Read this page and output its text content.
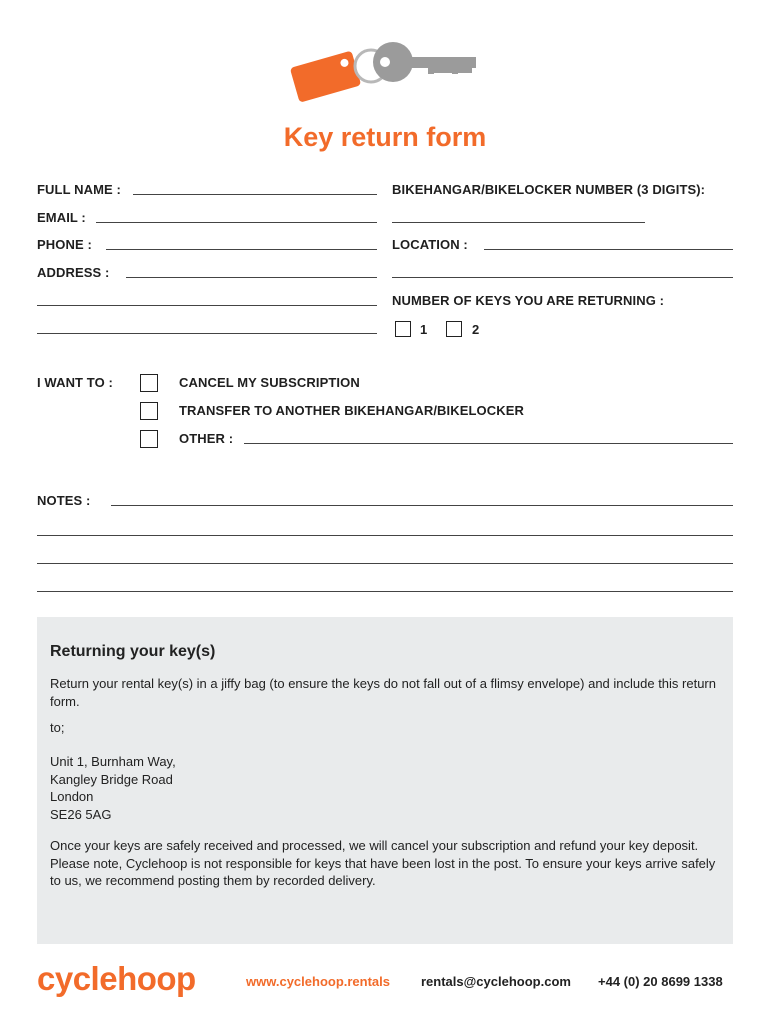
Key return form
FULL NAME :
EMAIL :
PHONE :
ADDRESS :
BIKEHANGAR/BIKELOCKER NUMBER (3 DIGITS):
LOCATION :
NUMBER OF KEYS YOU ARE RETURNING :
1	2
I WANT TO :	CANCEL MY SUBSCRIPTION
TRANSFER TO ANOTHER BIKEHANGAR/BIKELOCKER
OTHER :
NOTES :
Returning your key(s)

Return your rental key(s) in a jiffy bag (to ensure the keys do not fall out of a flimsy envelope) and include this return form.

to;

Unit 1, Burnham Way,

Kangley Bridge Road

London

SE26 5AG

Once your keys are safely received and processed, we will cancel your subscription and refund your key deposit. Please note, Cyclehoop is not responsible for keys that have been lost in the post. To ensure your keys arrive safely to us, we recommend posting them by recorded delivery.

cyclehoop	www.cyclehoop.rentals rentals@cyclehoop.com +44 (0) 20 8699 1338
